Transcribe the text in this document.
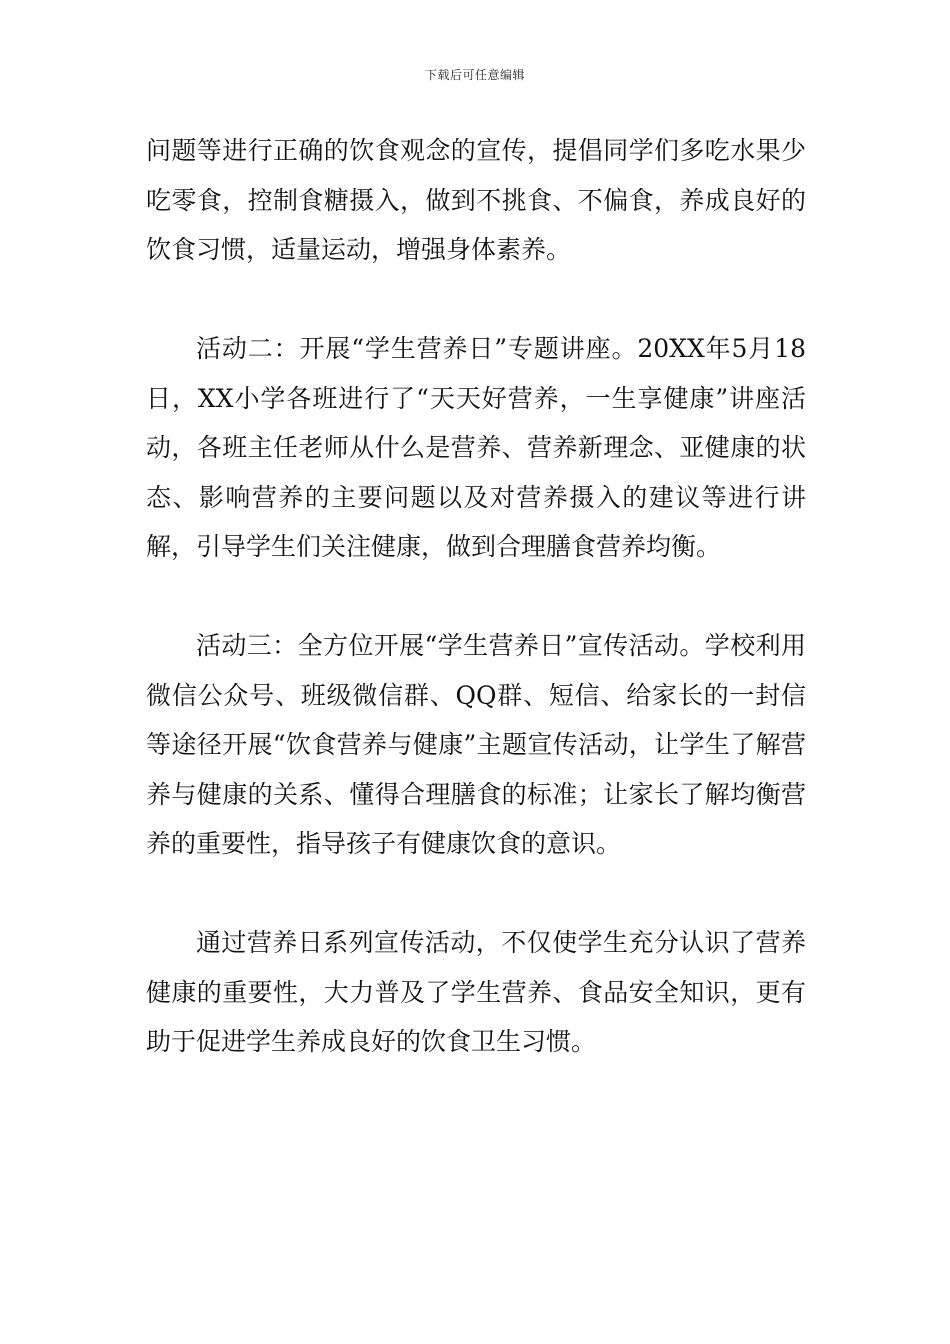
下载后可任意编辑

问题等进行正确的饮食观念的宣传，提倡同学们多吃水果少吃零食，控制食糖摄入，做到不挑食、不偏食，养成良好的饮食习惯，适量运动，增强身体素养。

活动二：开展“学生营养日”专题讲座。20XX年5月18日，XX小学各班进行了“天天好营养，一生享健康”讲座活动，各班主任老师从什么是营养、营养新理念、亚健康的状态、影响营养的主要问题以及对营养摄入的建议等进行讲解，引导学生们关注健康，做到合理膳食营养均衡。

活动三：全方位开展“学生营养日”宣传活动。学校利用微信公众号、班级微信群、QQ群、短信、给家长的一封信等途径开展“饮食营养与健康”主题宣传活动，让学生了解营养与健康的关系、懂得合理膳食的标准；让家长了解均衡营养的重要性，指导孩子有健康饮食的意识。

通过营养日系列宣传活动，不仅使学生充分认识了营养健康的重要性，大力普及了学生营养、食品安全知识，更有助于促进学生养成良好的饮食卫生习惯。
